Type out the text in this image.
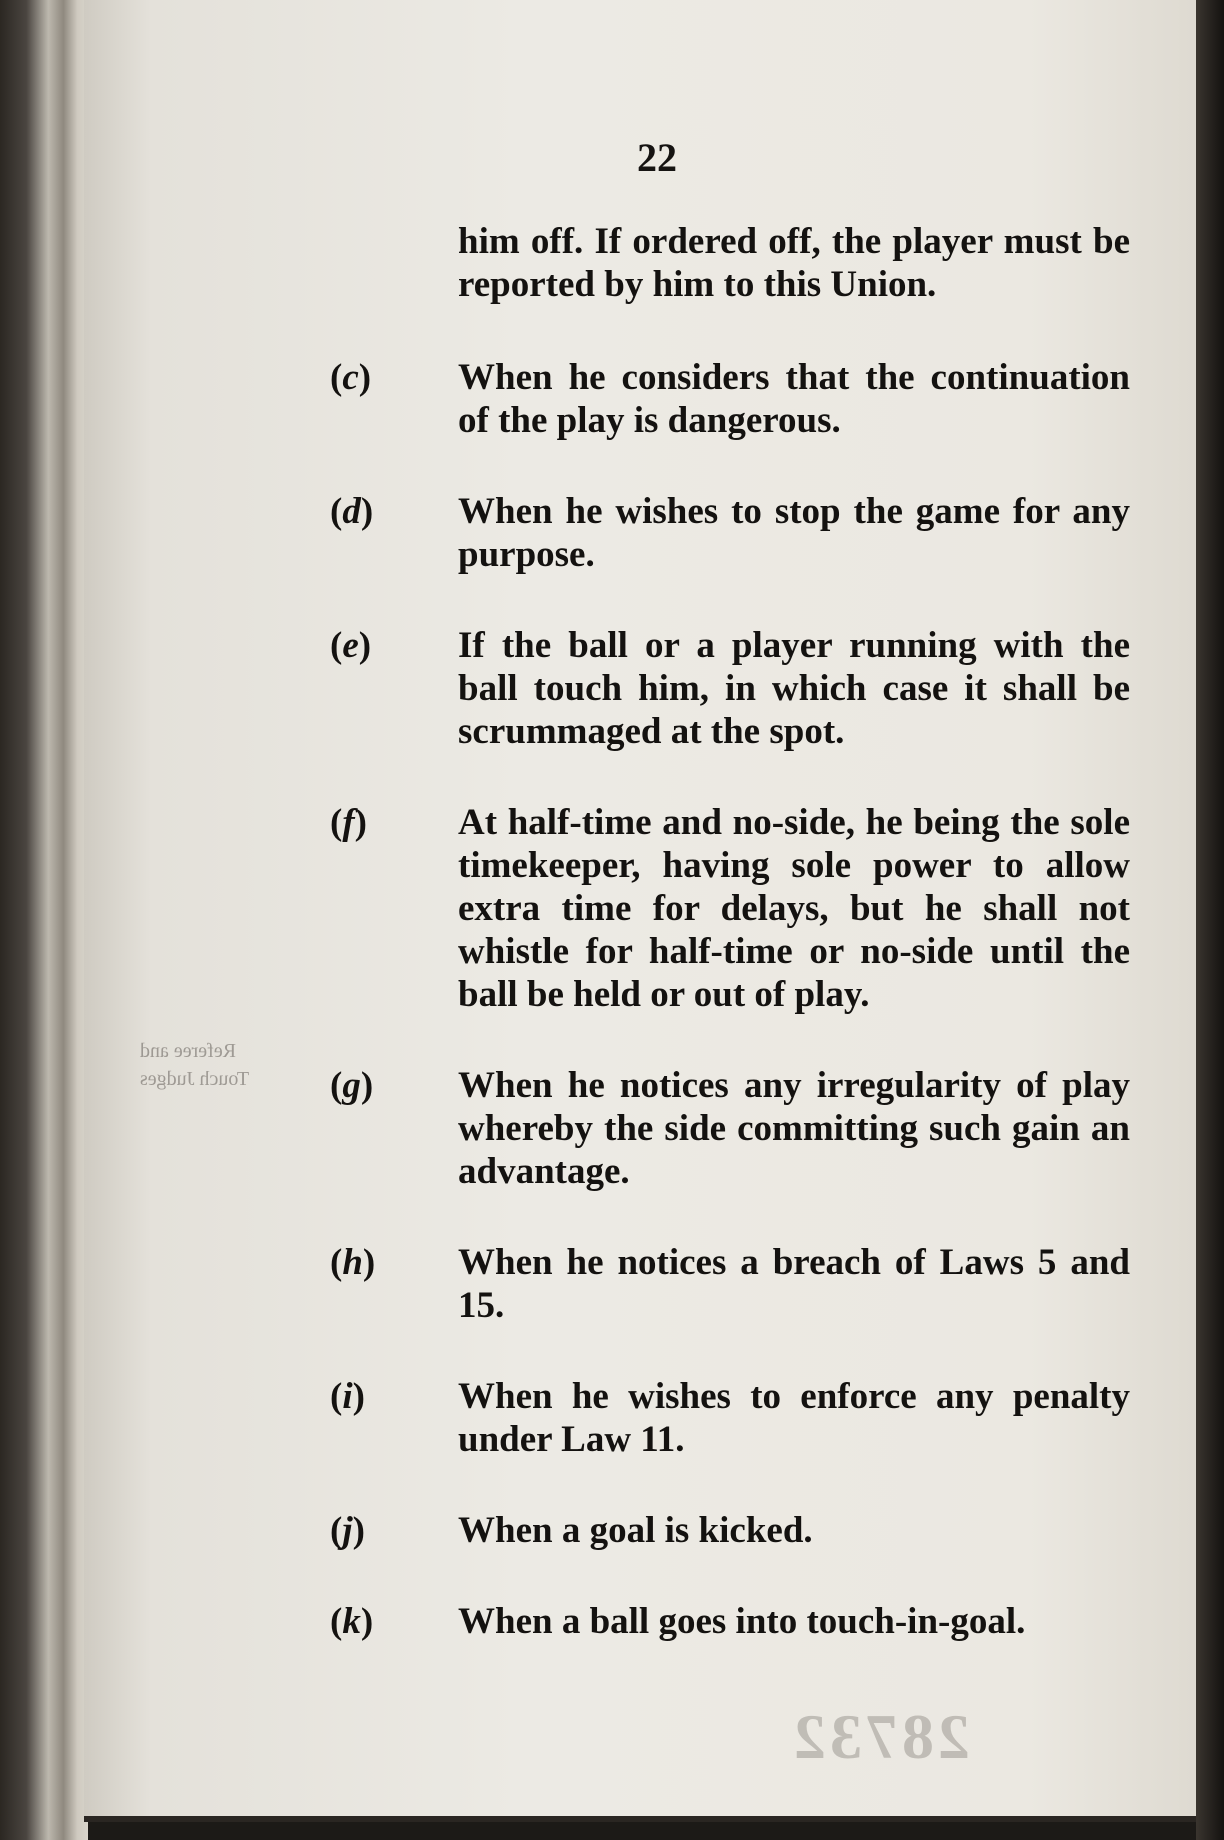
Referee and
Touch Judges
28732
22
him off. If ordered off, the player must be reported by him to this Union.
(c)	When he considers that the continuation of the play is dangerous.
(d)	When he wishes to stop the game for any purpose.
(e)	If the ball or a player running with the ball touch him, in which case it shall be scrummaged at the spot.
(f)	At half-time and no-side, he being the sole timekeeper, having sole power to allow extra time for delays, but he shall not whistle for half-time or no-side until the ball be held or out of play.
(g)	When he notices any irregularity of play whereby the side committing such gain an advantage.
(h)	When he notices a breach of Laws 5 and 15.
(i)	When he wishes to enforce any penalty under Law 11.
(j)	When a goal is kicked.
(k)	When a ball goes into touch-in-goal.
